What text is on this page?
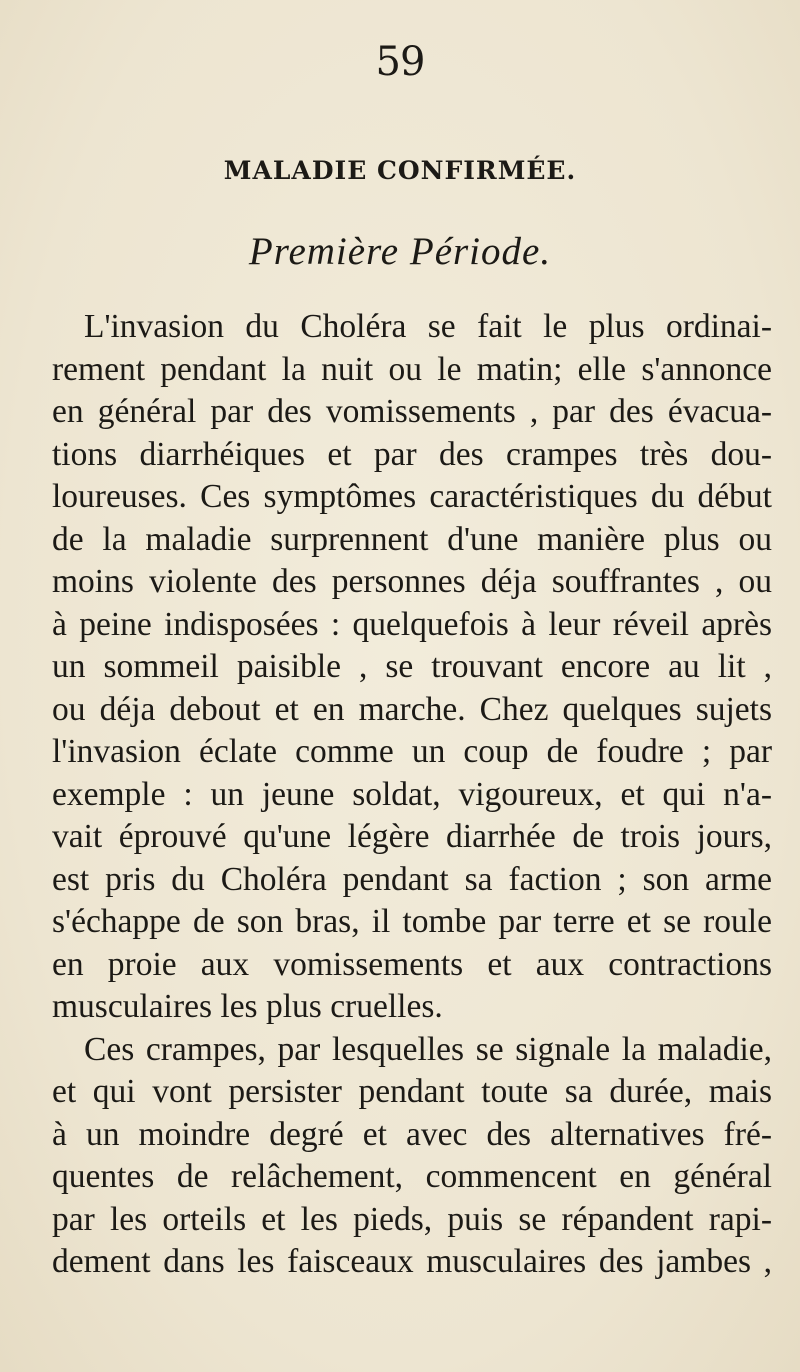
59
MALADIE CONFIRMÉE.
Première Période.
L'invasion du Choléra se fait le plus ordinai-
rement pendant la nuit ou le matin; elle s'annonce
en général par des vomissements , par des évacua-
tions diarrhéiques et par des crampes très dou-
loureuses. Ces symptômes caractéristiques du début
de la maladie surprennent d'une manière plus ou
moins violente des personnes déja souffrantes , ou
à peine indisposées : quelquefois à leur réveil après
un sommeil paisible , se trouvant encore au lit ,
ou déja debout et en marche. Chez quelques sujets
l'invasion éclate comme un coup de foudre ; par
exemple : un jeune soldat, vigoureux, et qui n'a-
vait éprouvé qu'une légère diarrhée de trois jours,
est pris du Choléra pendant sa faction ; son arme
s'échappe de son bras, il tombe par terre et se roule
en proie aux vomissements et aux contractions
musculaires les plus cruelles.
Ces crampes, par lesquelles se signale la maladie,
et qui vont persister pendant toute sa durée, mais
à un moindre degré et avec des alternatives fré-
quentes de relâchement, commencent en général
par les orteils et les pieds, puis se répandent rapi-
dement dans les faisceaux musculaires des jambes ,
